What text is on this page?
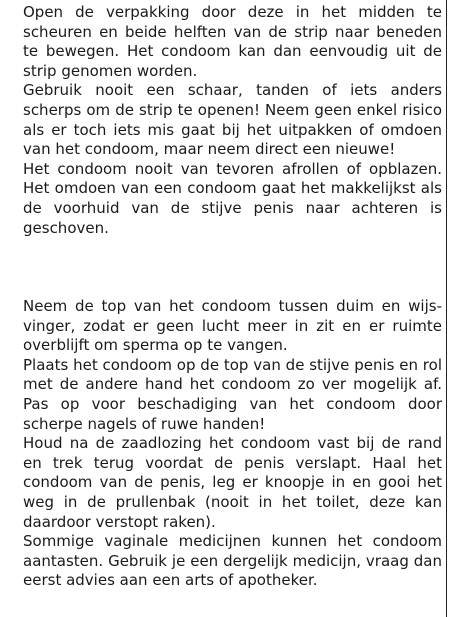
Open de verpakking door deze in het midden te scheuren en beide helften van de strip naar beneden te bewegen. Het condoom kan dan eenvoudig uit de strip genomen worden.

Gebruik nooit een schaar, tanden of iets anders scherps om de strip te openen! Neem geen enkel risico als er toch iets mis gaat bij het uitpakken of omdoen van het condoom, maar neem direct een nieuwe!

Het condoom nooit van tevoren afrollen of opblazen. Het omdoen van een condoom gaat het makkelijkst als de voorhuid van de stijve penis naar achteren is geschoven.

Neem de top van het condoom tussen duim en wijs-vinger, zodat er geen lucht meer in zit en er ruimte overblijft om sperma op te vangen.

Plaats het condoom op de top van de stijve penis en rol met de andere hand het condoom zo ver mogelijk af. Pas op voor beschadiging van het condoom door scherpe nagels of ruwe handen!

Houd na de zaadlozing het condoom vast bij de rand en trek terug voordat de penis verslapt. Haal het condoom van de penis, leg er knoopje in en gooi het weg in de prullenbak (nooit in het toilet, deze kan daardoor verstopt raken).

Sommige vaginale medicijnen kunnen het condoom aantasten. Gebruik je een dergelijk medicijn, vraag dan eerst advies aan een arts of apotheker.
